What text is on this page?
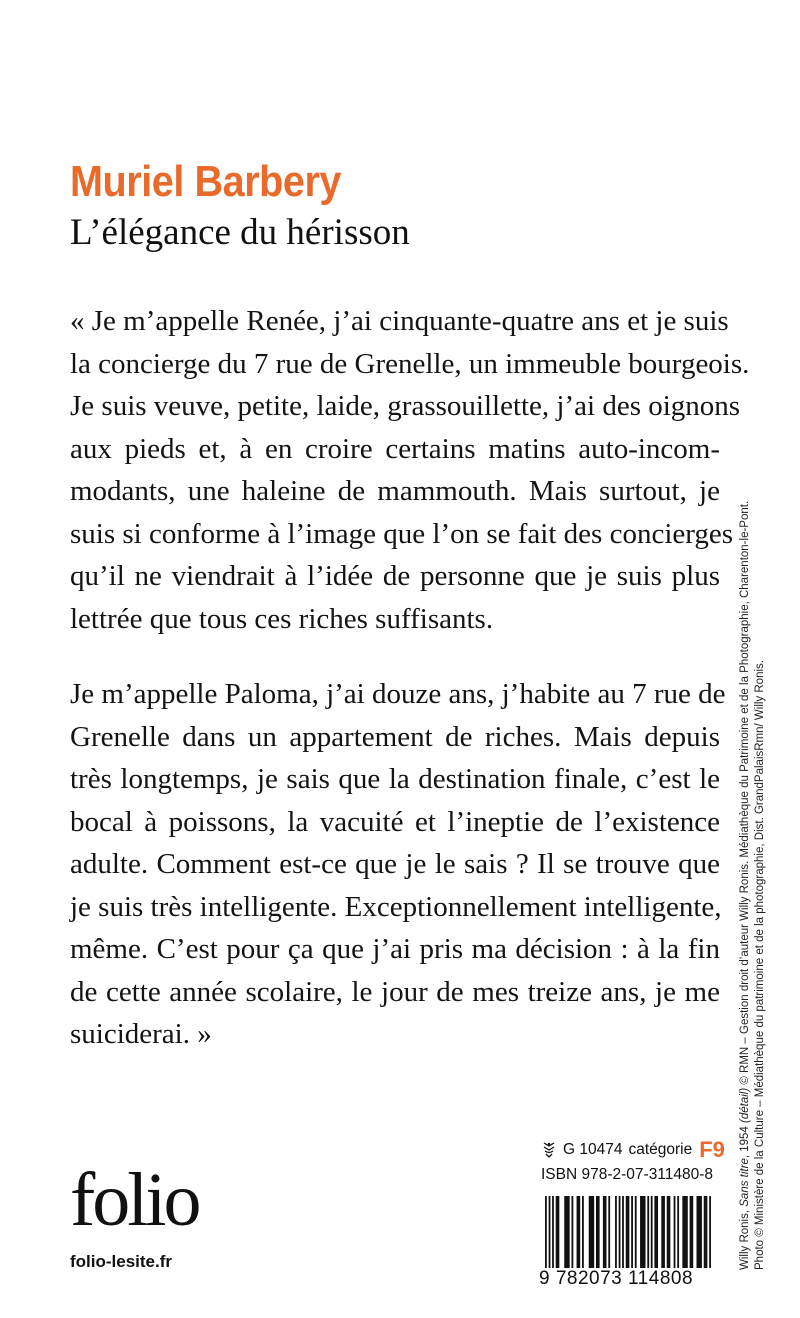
Muriel Barbery
L’élégance du hérisson
« Je m’appelle Renée, j’ai cinquante-quatre ans et je suis
la concierge du 7 rue de Grenelle, un immeuble bourgeois.
Je suis veuve, petite, laide, grassouillette, j’ai des oignons
aux pieds et, à en croire certains matins auto-incom-
modants, une haleine de mammouth. Mais surtout, je
suis si conforme à l’image que l’on se fait des concierges
qu’il ne viendrait à l’idée de personne que je suis plus
lettrée que tous ces riches suffisants.
Je m’appelle Paloma, j’ai douze ans, j’habite au 7 rue de
Grenelle dans un appartement de riches. Mais depuis
très longtemps, je sais que la destination finale, c’est le
bocal à poissons, la vacuité et l’ineptie de l’existence
adulte. Comment est-ce que je le sais ? Il se trouve que
je suis très intelligente. Exceptionnellement intelligente,
même. C’est pour ça que j’ai pris ma décision : à la fin
de cette année scolaire, le jour de mes treize ans, je me
suiciderai. »
Willy Ronis, Sans titre, 1954 (détail) © RMN – Gestion droit d’auteur Willy Ronis. Médiathèque du Patrimoine et de la Photographie, Charenton-le-Pont. Photo © Ministère de la Culture – Médiathèque du patrimoine et de la photographie, Dist. GrandPalaisRmn/ Willy Ronis.
G 10474 catégorie F9
ISBN 978-2-07-311480-8
9 782073 114808
folio
folio-lesite.fr
